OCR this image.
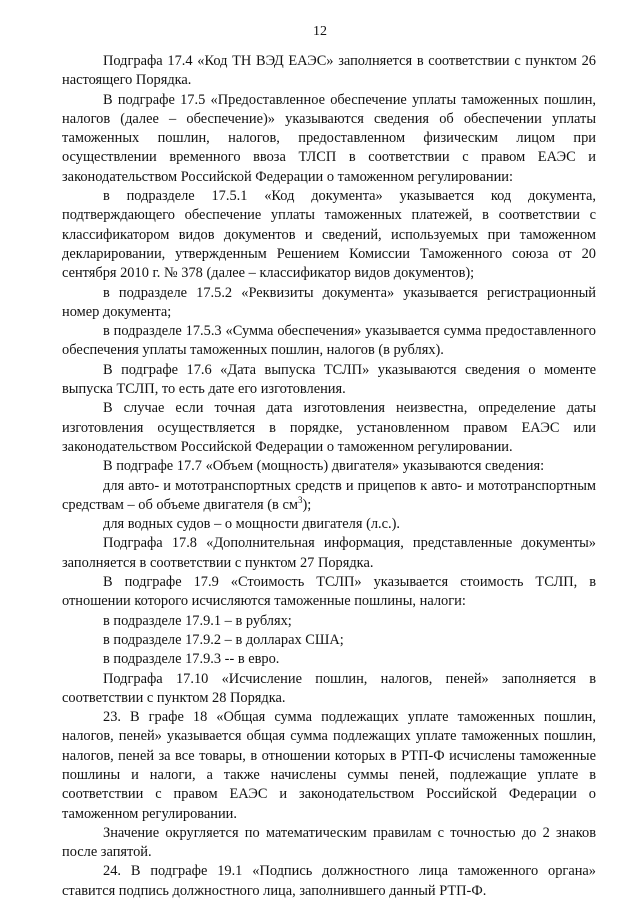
12

Подграфа 17.4 «Код ТН ВЭД ЕАЭС» заполняется в соответствии с пунктом 26 настоящего Порядка.

В подграфе 17.5 «Предоставленное обеспечение уплаты таможенных пошлин, налогов (далее – обеспечение)» указываются сведения об обеспечении уплаты таможенных пошлин, налогов, предоставленном физическим лицом при осуществлении временного ввоза ТЛСП в соответствии с правом ЕАЭС и законодательством Российской Федерации о таможенном регулировании:

в подразделе 17.5.1 «Код документа» указывается код документа, подтверждающего обеспечение уплаты таможенных платежей, в соответствии с классификатором видов документов и сведений, используемых при таможенном декларировании, утвержденным Решением Комиссии Таможенного союза от 20 сентября 2010 г. № 378 (далее – классификатор видов документов);

в подразделе 17.5.2 «Реквизиты документа» указывается регистрационный номер документа;

в подразделе 17.5.3 «Сумма обеспечения» указывается сумма предоставленного обеспечения уплаты таможенных пошлин, налогов (в рублях).

В подграфе 17.6 «Дата выпуска ТСЛП» указываются сведения о моменте выпуска ТСЛП, то есть дате его изготовления.

В случае если точная дата изготовления неизвестна, определение даты изготовления осуществляется в порядке, установленном правом ЕАЭС или законодательством Российской Федерации о таможенном регулировании.

В подграфе 17.7 «Объем (мощность) двигателя» указываются сведения:

для авто- и мототранспортных средств и прицепов к авто- и мототранспортным средствам – об объеме двигателя (в $см^3$);

для водных судов – о мощности двигателя (л.с.).

Подграфа 17.8 «Дополнительная информация, представленные документы» заполняется в соответствии с пунктом 27 Порядка.

В подграфе 17.9 «Стоимость ТСЛП» указывается стоимость ТСЛП, в отношении которого исчисляются таможенные пошлины, налоги:

в подразделе 17.9.1 – в рублях;

в подразделе 17.9.2 – в долларах США;

в подразделе 17.9.3 -- в евро.

Подграфа 17.10 «Исчисление пошлин, налогов, пеней» заполняется в соответствии с пунктом 28 Порядка.

23. В графе 18 «Общая сумма подлежащих уплате таможенных пошлин, налогов, пеней» указывается общая сумма подлежащих уплате таможенных пошлин, налогов, пеней за все товары, в отношении которых в РТП-Ф исчислены таможенные пошлины и налоги, а также начислены суммы пеней, подлежащие уплате в соответствии с правом ЕАЭС и законодательством Российской Федерации о таможенном регулировании.

Значение округляется по математическим правилам с точностью до 2 знаков после запятой.

24. В подграфе 19.1 «Подпись должностного лица таможенного органа» ставится подпись должностного лица, заполнившего данный РТП-Ф.
